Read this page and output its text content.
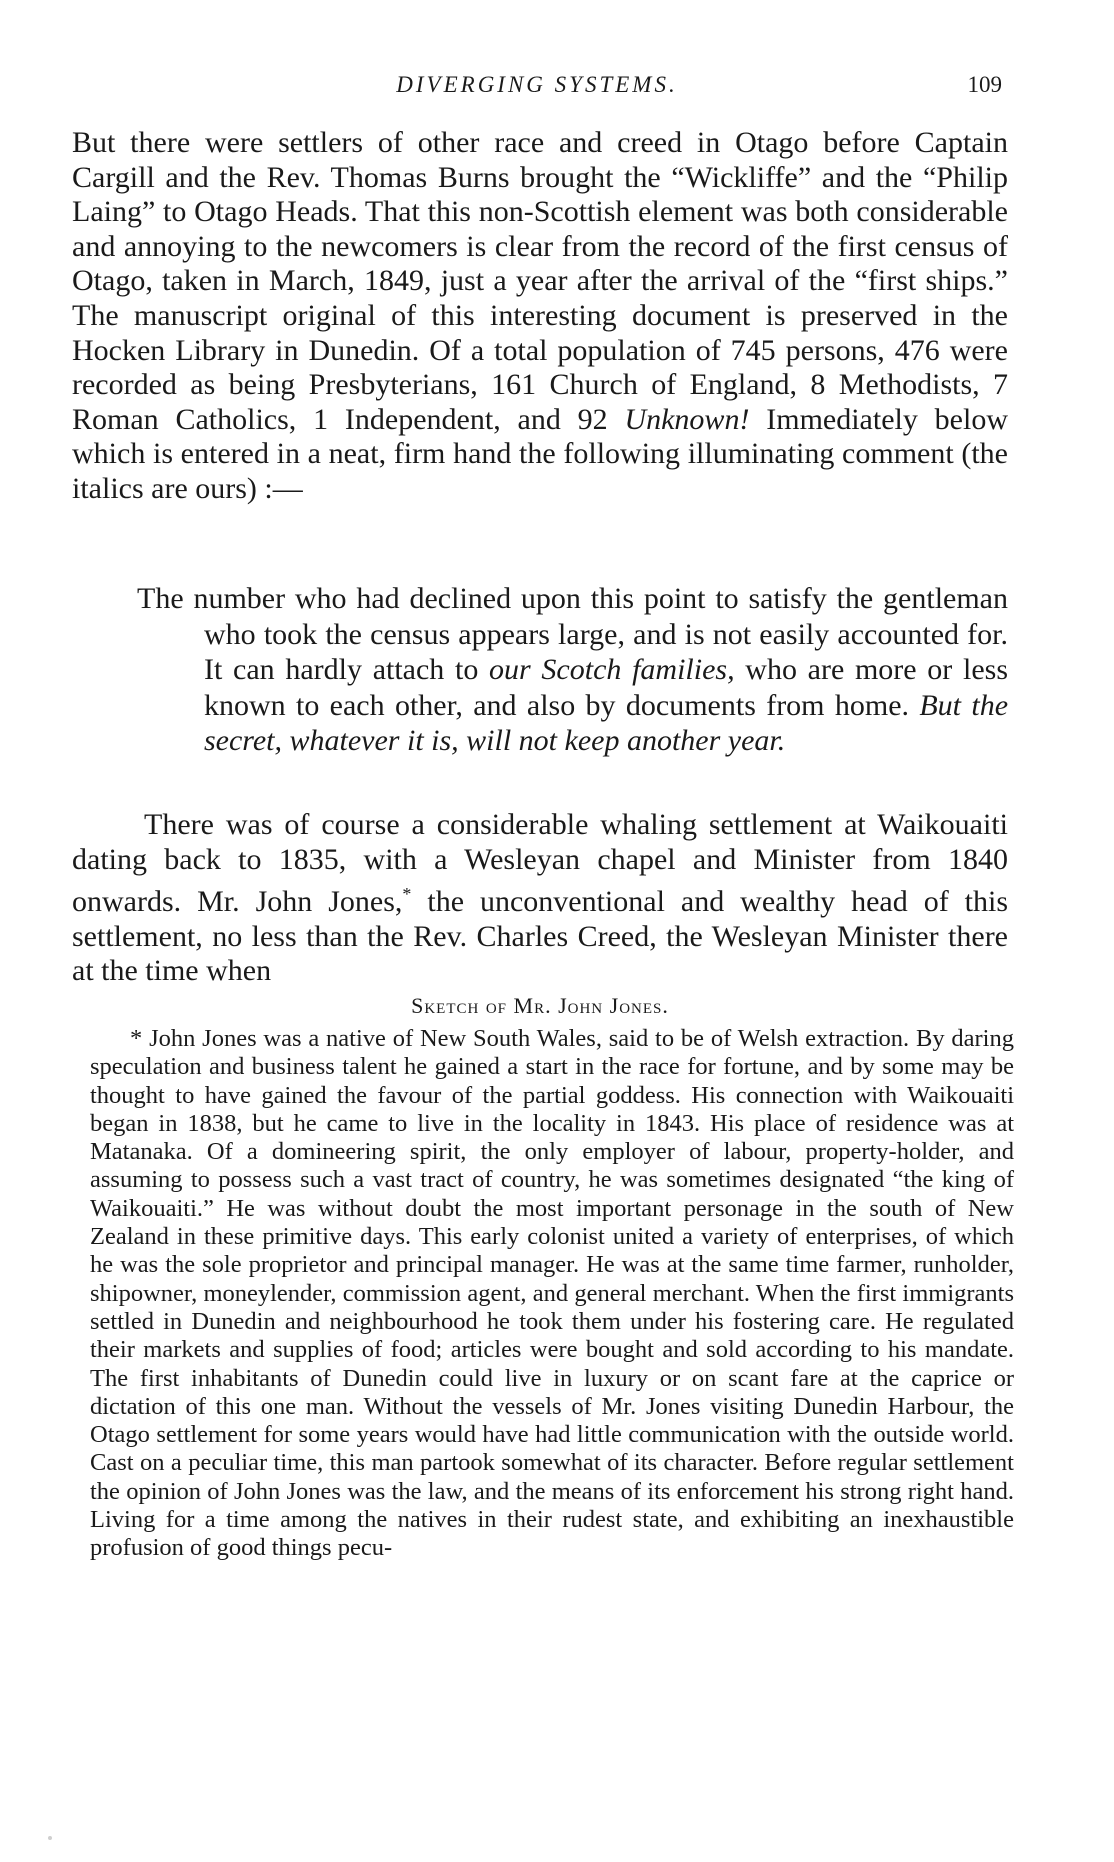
DIVERGING SYSTEMS.	109

But there were settlers of other race and creed in Otago before Captain Cargill and the Rev. Thomas Burns brought the “Wickliffe” and the “Philip Laing” to Otago Heads. That this non-Scottish element was both considerable and annoying to the newcomers is clear from the record of the first census of Otago, taken in March, 1849, just a year after the arrival of the “first ships.” The manuscript original of this interesting document is preserved in the Hocken Library in Dunedin. Of a total population of 745 persons, 476 were recorded as being Presbyterians, 161 Church of England, 8 Methodists, 7 Roman Catholics, 1 Independent, and 92 Unknown! Immediately below which is entered in a neat, firm hand the following illuminating comment (the italics are ours) :—

The number who had declined upon this point to satisfy the gentleman who took the census appears large, and is not easily accounted for. It can hardly attach to our Scotch families, who are more or less known to each other, and also by documents from home. But the secret, whatever it is, will not keep another year.

There was of course a considerable whaling settlement at Waikouaiti dating back to 1835, with a Wesleyan chapel and Minister from 1840 onwards. Mr. John Jones,* the unconventional and wealthy head of this settlement, no less than the Rev. Charles Creed, the Wesleyan Minister there at the time when

Sketch of Mr. John Jones.

* John Jones was a native of New South Wales, said to be of Welsh extraction. By daring speculation and business talent he gained a start in the race for fortune, and by some may be thought to have gained the favour of the partial goddess. His connection with Waikouaiti began in 1838, but he came to live in the locality in 1843. His place of residence was at Matanaka. Of a domineering spirit, the only employer of labour, property-holder, and assuming to possess such a vast tract of country, he was sometimes designated “the king of Waikouaiti.” He was without doubt the most important personage in the south of New Zealand in these primitive days. This early colonist united a variety of enterprises, of which he was the sole proprietor and principal manager. He was at the same time farmer, runholder, shipowner, moneylender, commission agent, and general merchant. When the first immigrants settled in Dunedin and neighbourhood he took them under his fostering care. He regulated their markets and supplies of food; articles were bought and sold according to his mandate. The first inhabitants of Dunedin could live in luxury or on scant fare at the caprice or dictation of this one man. Without the vessels of Mr. Jones visiting Dunedin Harbour, the Otago settlement for some years would have had little communication with the outside world. Cast on a peculiar time, this man partook somewhat of its character. Before regular settlement the opinion of John Jones was the law, and the means of its enforcement his strong right hand. Living for a time among the natives in their rudest state, and exhibiting an inexhaustible profusion of good things pecu-
